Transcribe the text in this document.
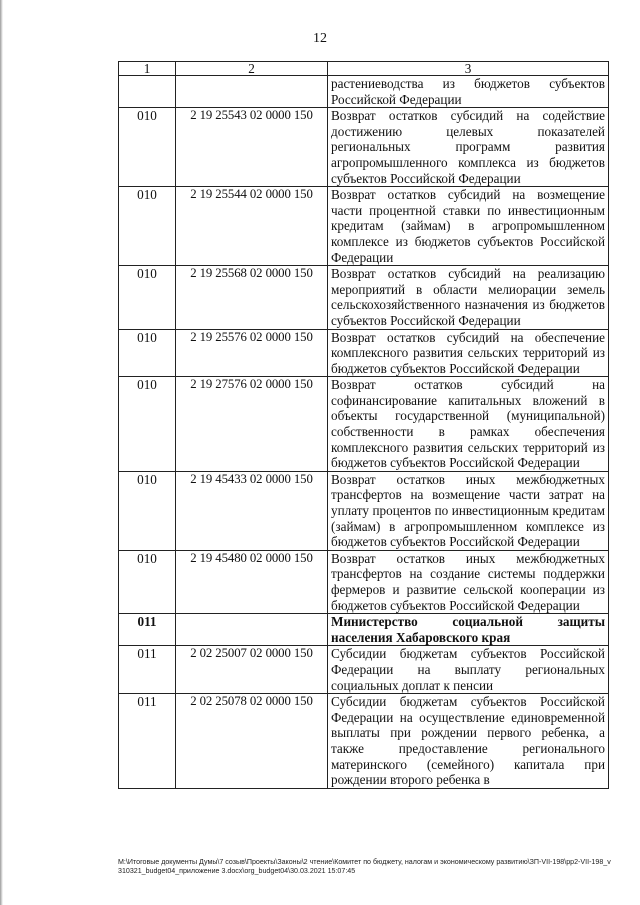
12
1	2	3
		растениеводства из бюджетов субъектов Российской Федерации
010	2 19 25543 02 0000 150	Возврат остатков субсидий на содействие достижению целевых показателей региональных программ развития агропромышленного комплекса из бюджетов субъектов Российской Федерации
010	2 19 25544 02 0000 150	Возврат остатков субсидий на возмещение части процентной ставки по инвестиционным кредитам (займам) в агропромышленном комплексе из бюджетов субъектов Российской Федерации
010	2 19 25568 02 0000 150	Возврат остатков субсидий на реализацию мероприятий в области мелиорации земель сельскохозяйственного назначения из бюджетов субъектов Российской Федерации
010	2 19 25576 02 0000 150	Возврат остатков субсидий на обеспечение комплексного развития сельских территорий из бюджетов субъектов Российской Федерации
010	2 19 27576 02 0000 150	Возврат остатков субсидий на софинансирование капитальных вложений в объекты государственной (муниципальной) собственности в рамках обеспечения комплексного развития сельских территорий из бюджетов субъектов Российской Федерации
010	2 19 45433 02 0000 150	Возврат остатков иных межбюджетных трансфертов на возмещение части затрат на уплату процентов по инвестиционным кредитам (займам) в агропромышленном комплексе из бюджетов субъектов Российской Федерации
010	2 19 45480 02 0000 150	Возврат остатков иных межбюджетных трансфертов на создание системы поддержки фермеров и развитие сельской кооперации из бюджетов субъектов Российской Федерации
011		Министерство социальной защиты населения Хабаровского края
011	2 02 25007 02 0000 150	Субсидии бюджетам субъектов Российской Федерации на выплату региональных социальных доплат к пенсии
011	2 02 25078 02 0000 150	Субсидии бюджетам субъектов Российской Федерации на осуществление единовременной выплаты при рождении первого ребенка, а также предоставление регионального материнского (семейного) капитала при рождении второго ребенка в
M:\Итоговые документы Думы\7 созыв\Проекты\Законы\2 чтение\Комитет по бюджету, налогам и экономическому развитию\ЗП-VII-198\pp2-VII-198_v310321_budget04_приложение 3.docx\org_budget04\30.03.2021 15:07:45
